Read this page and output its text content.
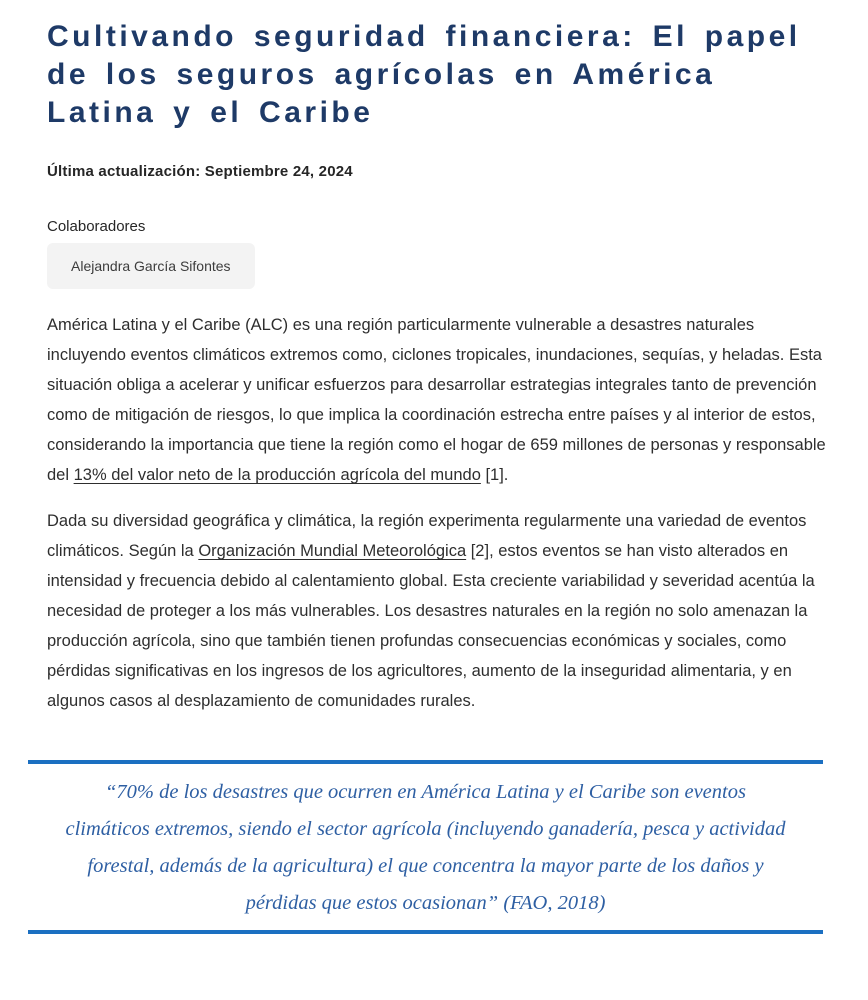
Cultivando seguridad financiera: El papel de los seguros agrícolas en América Latina y el Caribe
Última actualización: Septiembre 24, 2024
Colaboradores
Alejandra García Sifontes

América Latina y el Caribe (ALC) es una región particularmente vulnerable a desastres naturales incluyendo eventos climáticos extremos como, ciclones tropicales, inundaciones, sequías, y heladas. Esta situación obliga a acelerar y unificar esfuerzos para desarrollar estrategias integrales tanto de prevención como de mitigación de riesgos, lo que implica la coordinación estrecha entre países y al interior de estos, considerando la importancia que tiene la región como el hogar de 659 millones de personas y responsable del 13% del valor neto de la producción agrícola del mundo [1].

Dada su diversidad geográfica y climática, la región experimenta regularmente una variedad de eventos climáticos. Según la Organización Mundial Meteorológica [2], estos eventos se han visto alterados en intensidad y frecuencia debido al calentamiento global. Esta creciente variabilidad y severidad acentúa la necesidad de proteger a los más vulnerables. Los desastres naturales en la región no solo amenazan la producción agrícola, sino que también tienen profundas consecuencias económicas y sociales, como pérdidas significativas en los ingresos de los agricultores, aumento de la inseguridad alimentaria, y en algunos casos al desplazamiento de comunidades rurales.

“70% de los desastres que ocurren en América Latina y el Caribe son eventos climáticos extremos, siendo el sector agrícola (incluyendo ganadería, pesca y actividad forestal, además de la agricultura) el que concentra la mayor parte de los daños y pérdidas que estos ocasionan” (FAO, 2018)
